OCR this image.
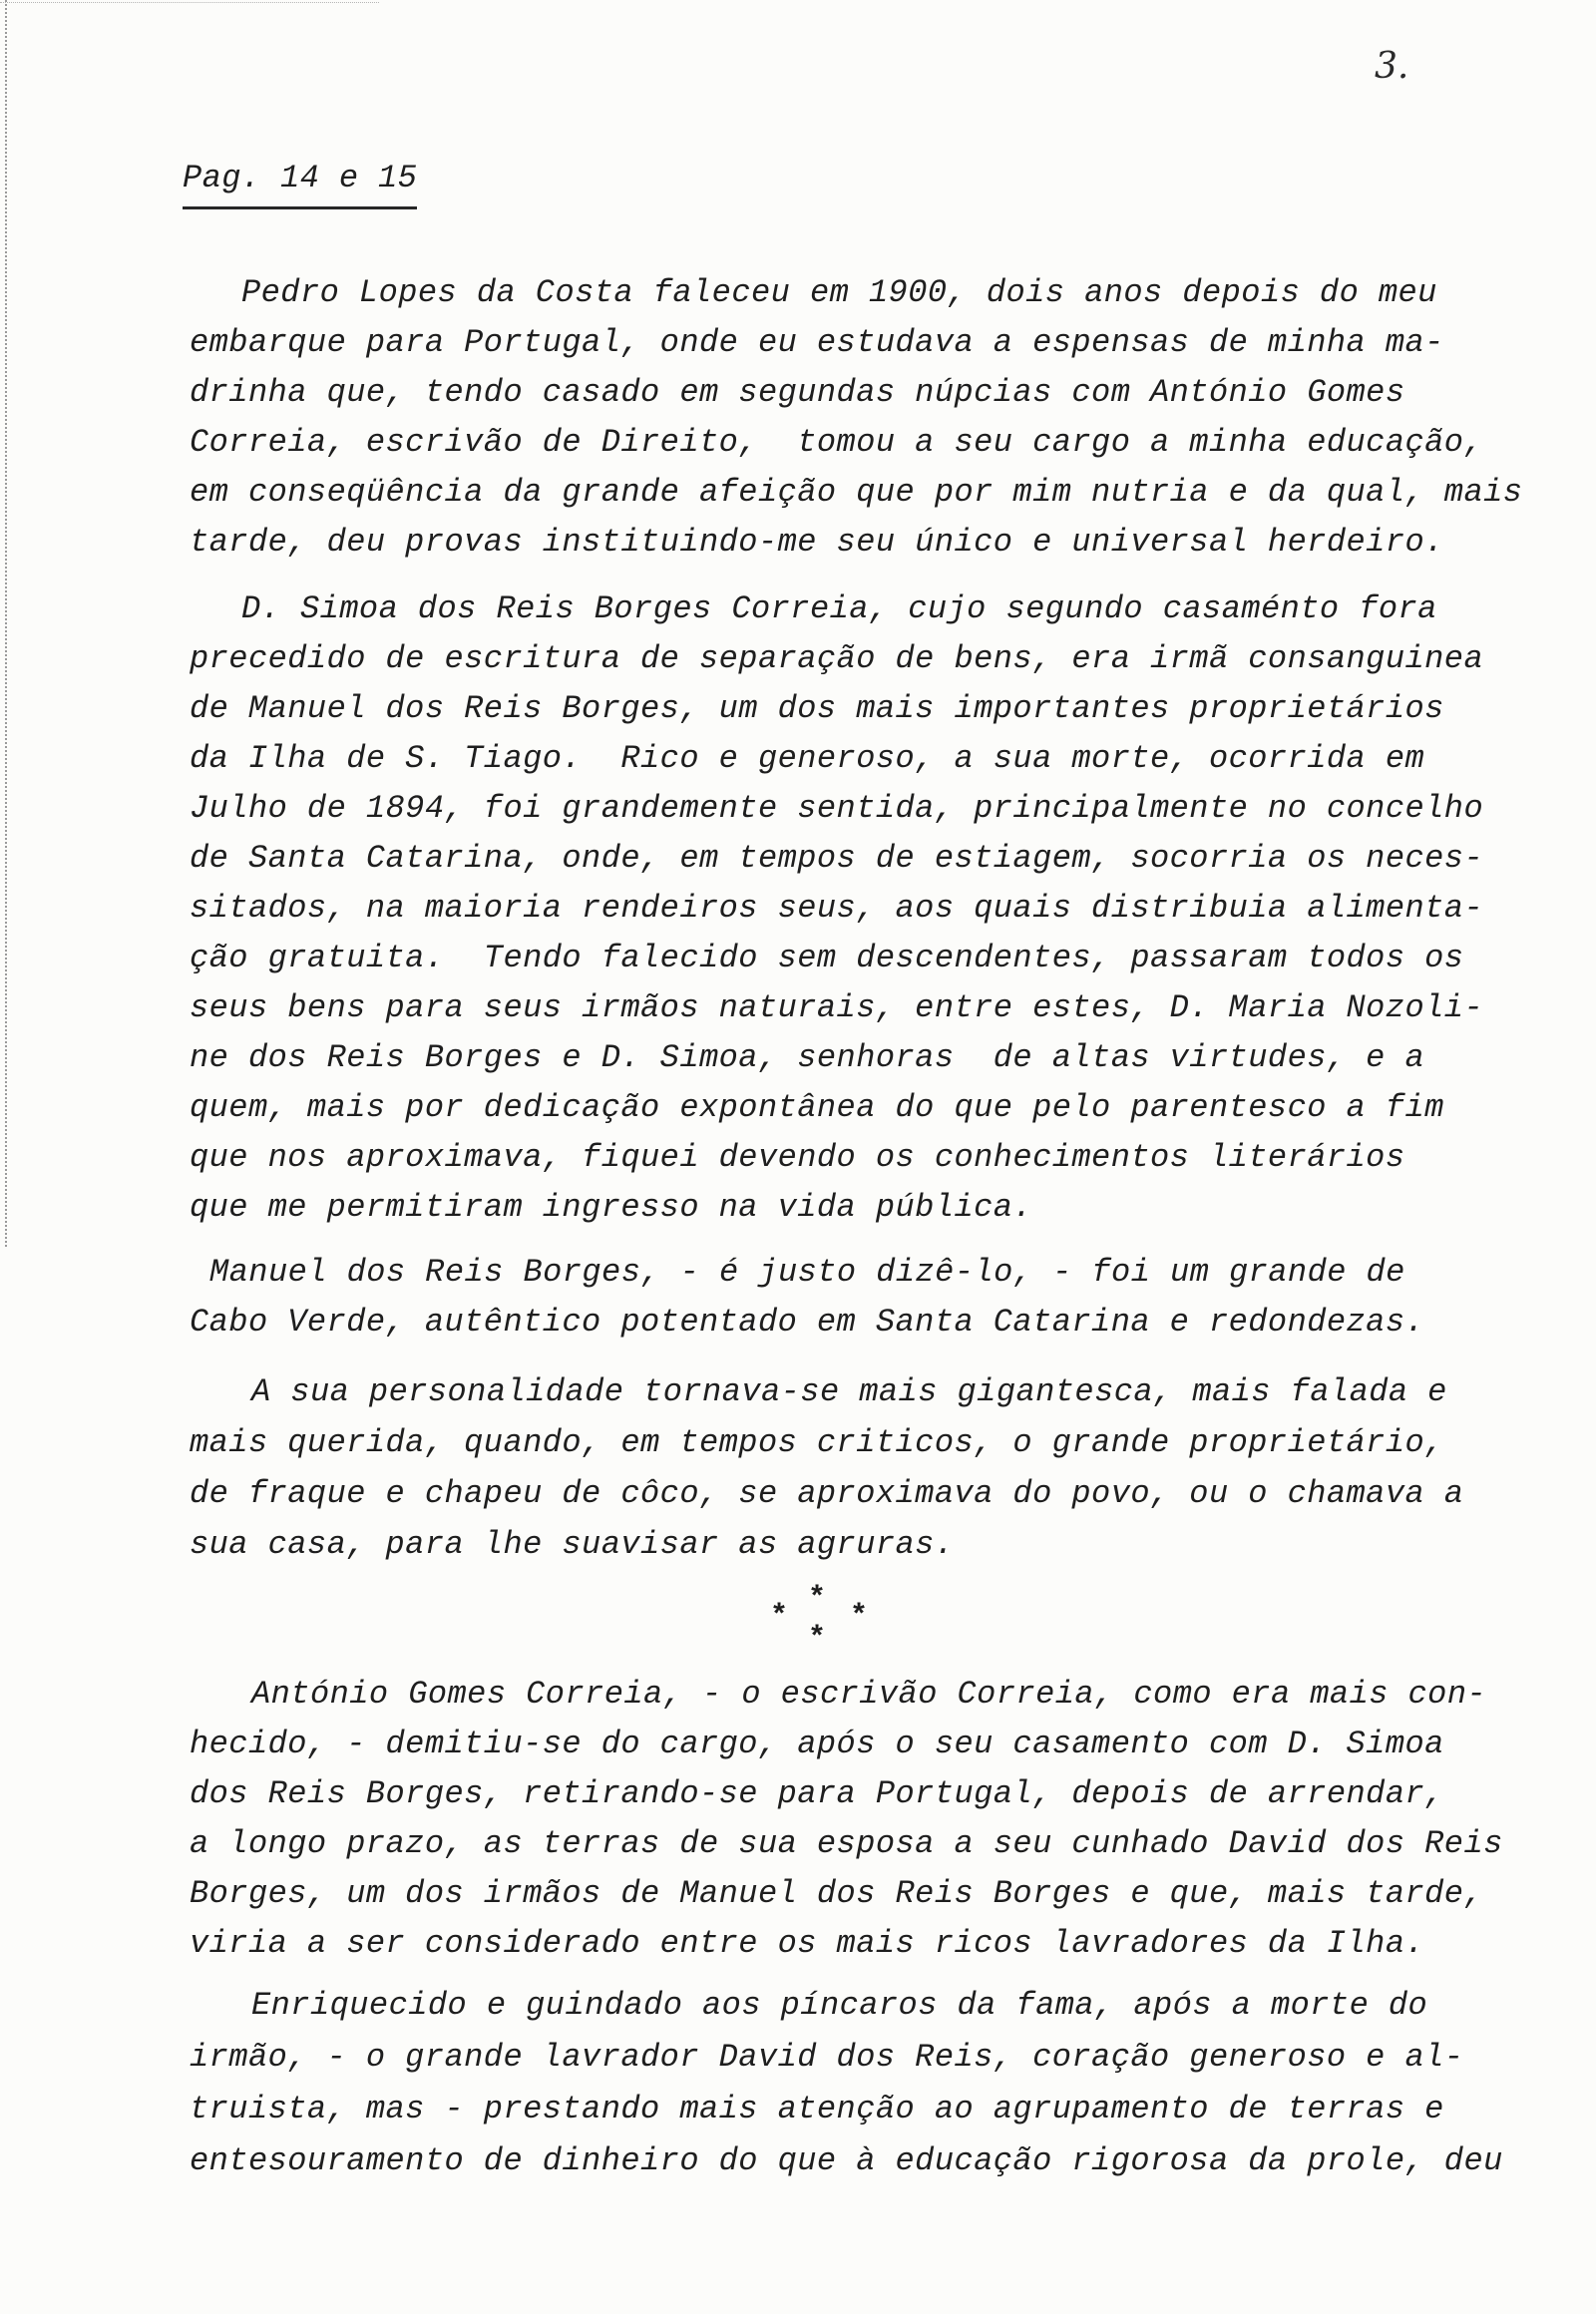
3.
Pag. 14 e 15
Pedro Lopes da Costa faleceu em 1900, dois anos depois do meu
embarque para Portugal, onde eu estudava a espensas de minha ma-
drinha que, tendo casado em segundas núpcias com António Gomes
Correia, escrivão de Direito,  tomou a seu cargo a minha educação,
em conseqüência da grande afeição que por mim nutria e da qual, mais
tarde, deu provas instituindo-me seu único e universal herdeiro.
D. Simoa dos Reis Borges Correia, cujo segundo casaménto fora
precedido de escritura de separação de bens, era irmã consanguinea
de Manuel dos Reis Borges, um dos mais importantes proprietários
da Ilha de S. Tiago.  Rico e generoso, a sua morte, ocorrida em
Julho de 1894, foi grandemente sentida, principalmente no concelho
de Santa Catarina, onde, em tempos de estiagem, socorria os neces-
sitados, na maioria rendeiros seus, aos quais distribuia alimenta-
ção gratuita.  Tendo falecido sem descendentes, passaram todos os
seus bens para seus irmãos naturais, entre estes, D. Maria Nozoli-
ne dos Reis Borges e D. Simoa, senhoras  de altas virtudes, e a
quem, mais por dedicação expontânea do que pelo parentesco a fim
que nos aproximava, fiquei devendo os conhecimentos literários
que me permitiram ingresso na vida pública.
Manuel dos Reis Borges, - é justo dizê-lo, - foi um grande de
Cabo Verde, autêntico potentado em Santa Catarina e redondezas.
A sua personalidade tornava-se mais gigantesca, mais falada e
mais querida, quando, em tempos criticos, o grande proprietário,
de fraque e chapeu de côco, se aproximava do povo, ou o chamava a
sua casa, para lhe suavisar as agruras.
*
* *
*
António Gomes Correia, - o escrivão Correia, como era mais con-
hecido, - demitiu-se do cargo, após o seu casamento com D. Simoa
dos Reis Borges, retirando-se para Portugal, depois de arrendar,
a longo prazo, as terras de sua esposa a seu cunhado David dos Reis
Borges, um dos irmãos de Manuel dos Reis Borges e que, mais tarde,
viria a ser considerado entre os mais ricos lavradores da Ilha.
Enriquecido e guindado aos píncaros da fama, após a morte do
irmão, - o grande lavrador David dos Reis, coração generoso e al-
truista, mas - prestando mais atenção ao agrupamento de terras e
entesouramento de dinheiro do que à educação rigorosa da prole, deu
